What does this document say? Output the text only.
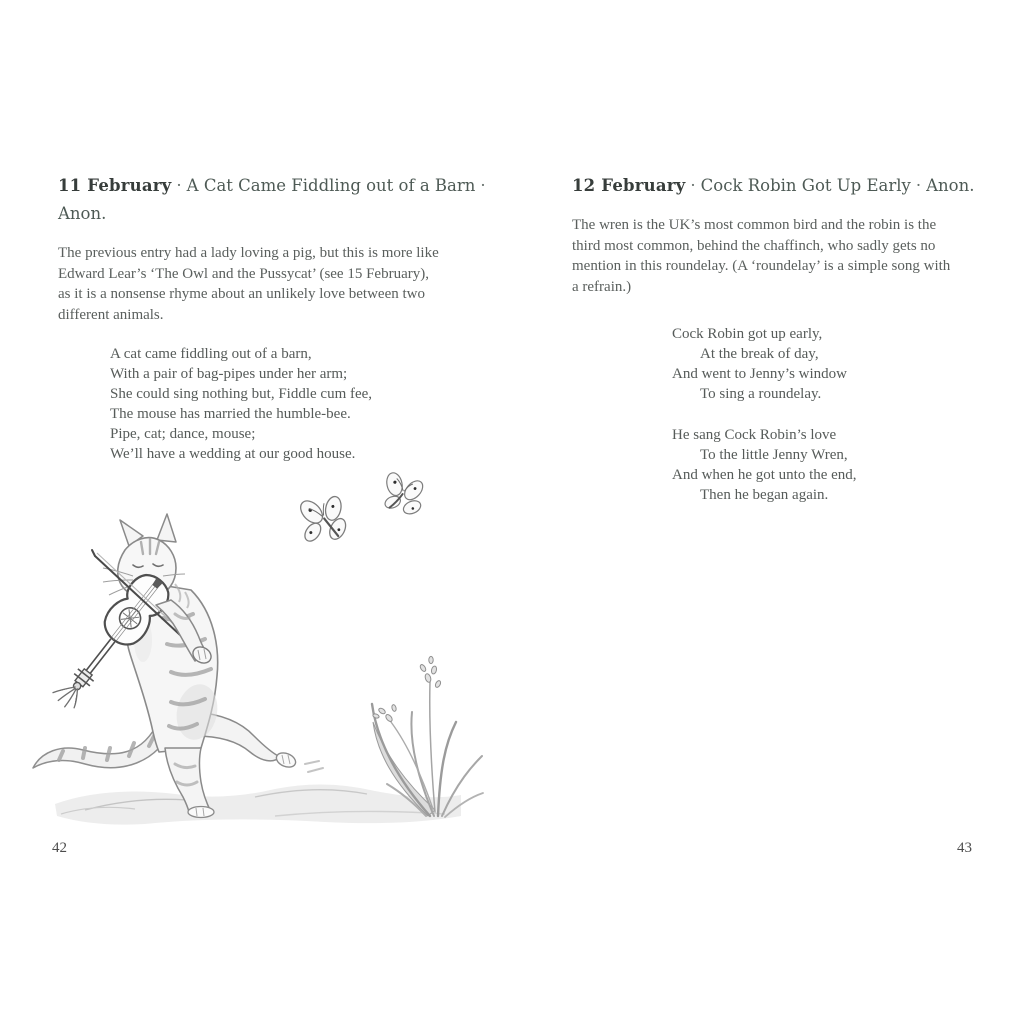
11 February · A Cat Came Fiddling out of a Barn ·
Anon.
The previous entry had a lady loving a pig, but this is more like
Edward Lear’s ‘The Owl and the Pussycat’ (see 15 February),
as it is a nonsense rhyme about an unlikely love between two
different animals.
A cat came fiddling out of a barn,
With a pair of bag-pipes under her arm;
She could sing nothing but, Fiddle cum fee,
The mouse has married the humble-bee.
Pipe, cat; dance, mouse;
We’ll have a wedding at our good house.
12 February · Cock Robin Got Up Early · Anon.
The wren is the UK’s most common bird and the robin is the
third most common, behind the chaffinch, who sadly gets no
mention in this roundelay. (A ‘roundelay’ is a simple song with
a refrain.)
Cock Robin got up early,
At the break of day,
And went to Jenny’s window
To sing a roundelay.
He sang Cock Robin’s love
To the little Jenny Wren,
And when he got unto the end,
Then he began again.
42	43
